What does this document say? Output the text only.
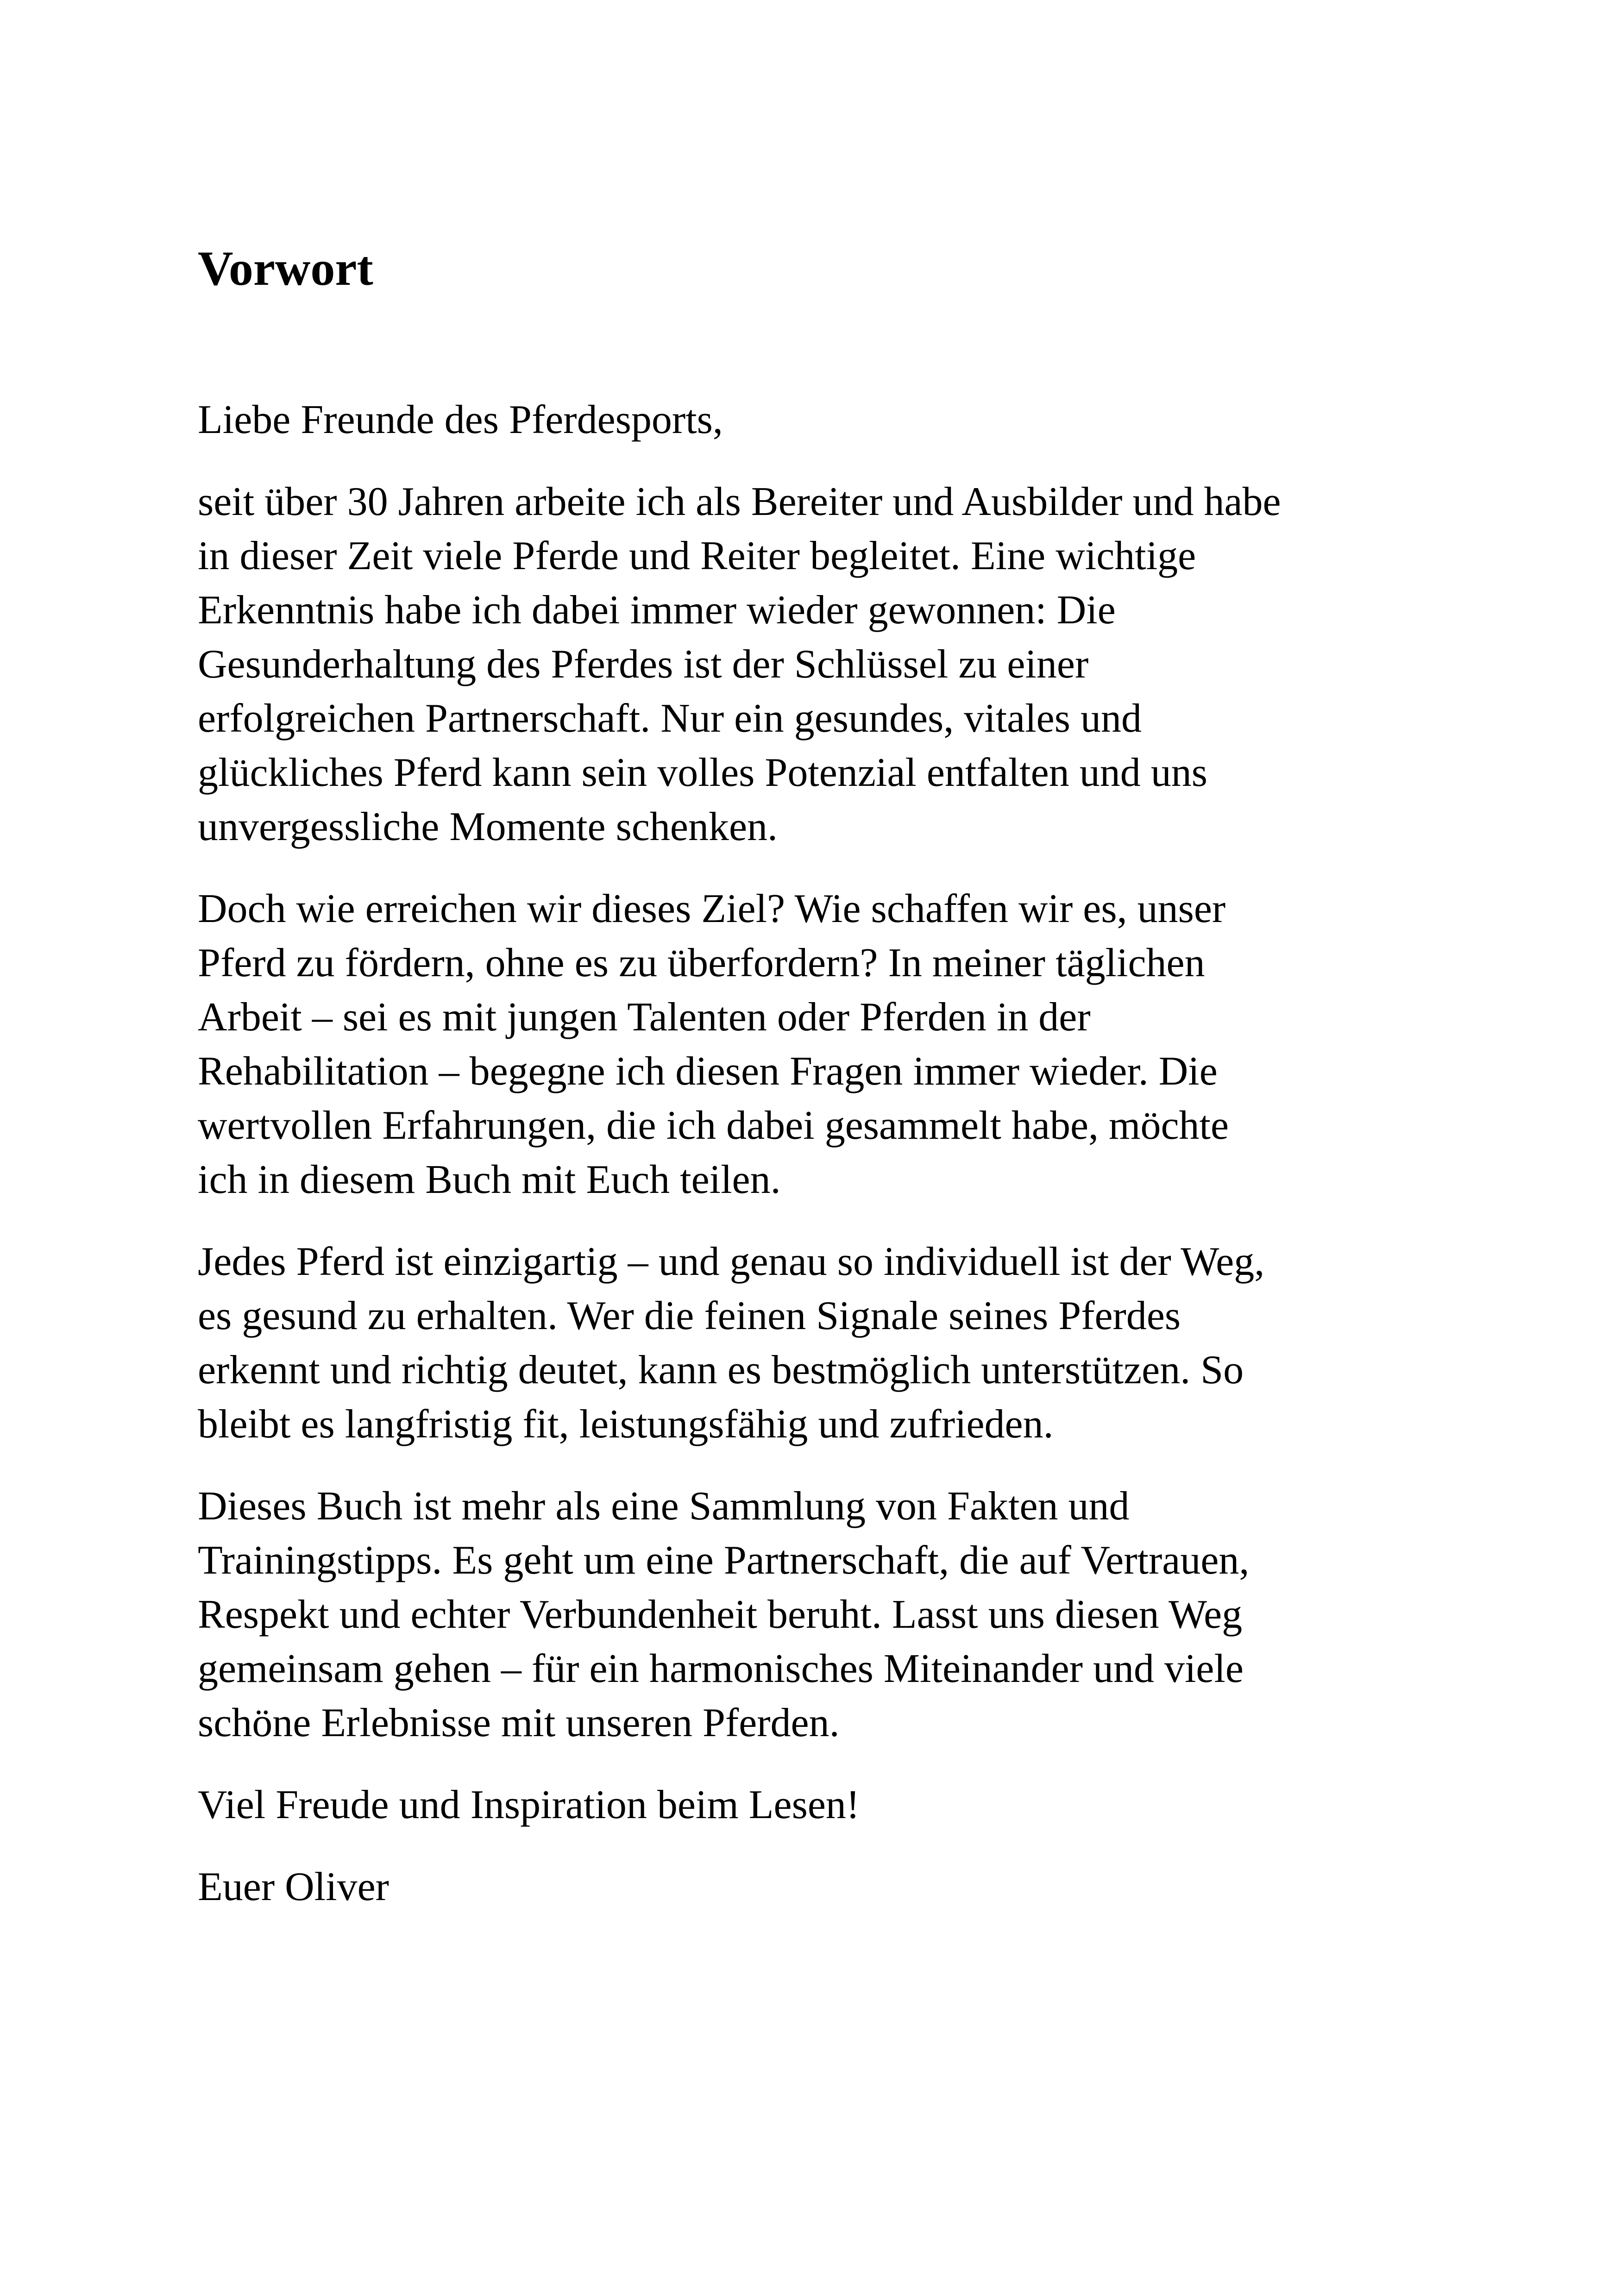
Vorwort

Liebe Freunde des Pferdesports,

seit über 30 Jahren arbeite ich als Bereiter und Ausbilder und habe
in dieser Zeit viele Pferde und Reiter begleitet. Eine wichtige
Erkenntnis habe ich dabei immer wieder gewonnen: Die
Gesunderhaltung des Pferdes ist der Schlüssel zu einer
erfolgreichen Partnerschaft. Nur ein gesundes, vitales und
glückliches Pferd kann sein volles Potenzial entfalten und uns
unvergessliche Momente schenken.

Doch wie erreichen wir dieses Ziel? Wie schaffen wir es, unser
Pferd zu fördern, ohne es zu überfordern? In meiner täglichen
Arbeit – sei es mit jungen Talenten oder Pferden in der
Rehabilitation – begegne ich diesen Fragen immer wieder. Die
wertvollen Erfahrungen, die ich dabei gesammelt habe, möchte
ich in diesem Buch mit Euch teilen.

Jedes Pferd ist einzigartig – und genau so individuell ist der Weg,
es gesund zu erhalten. Wer die feinen Signale seines Pferdes
erkennt und richtig deutet, kann es bestmöglich unterstützen. So
bleibt es langfristig fit, leistungsfähig und zufrieden.

Dieses Buch ist mehr als eine Sammlung von Fakten und
Trainingstipps. Es geht um eine Partnerschaft, die auf Vertrauen,
Respekt und echter Verbundenheit beruht. Lasst uns diesen Weg
gemeinsam gehen – für ein harmonisches Miteinander und viele
schöne Erlebnisse mit unseren Pferden.

Viel Freude und Inspiration beim Lesen!

Euer Oliver
